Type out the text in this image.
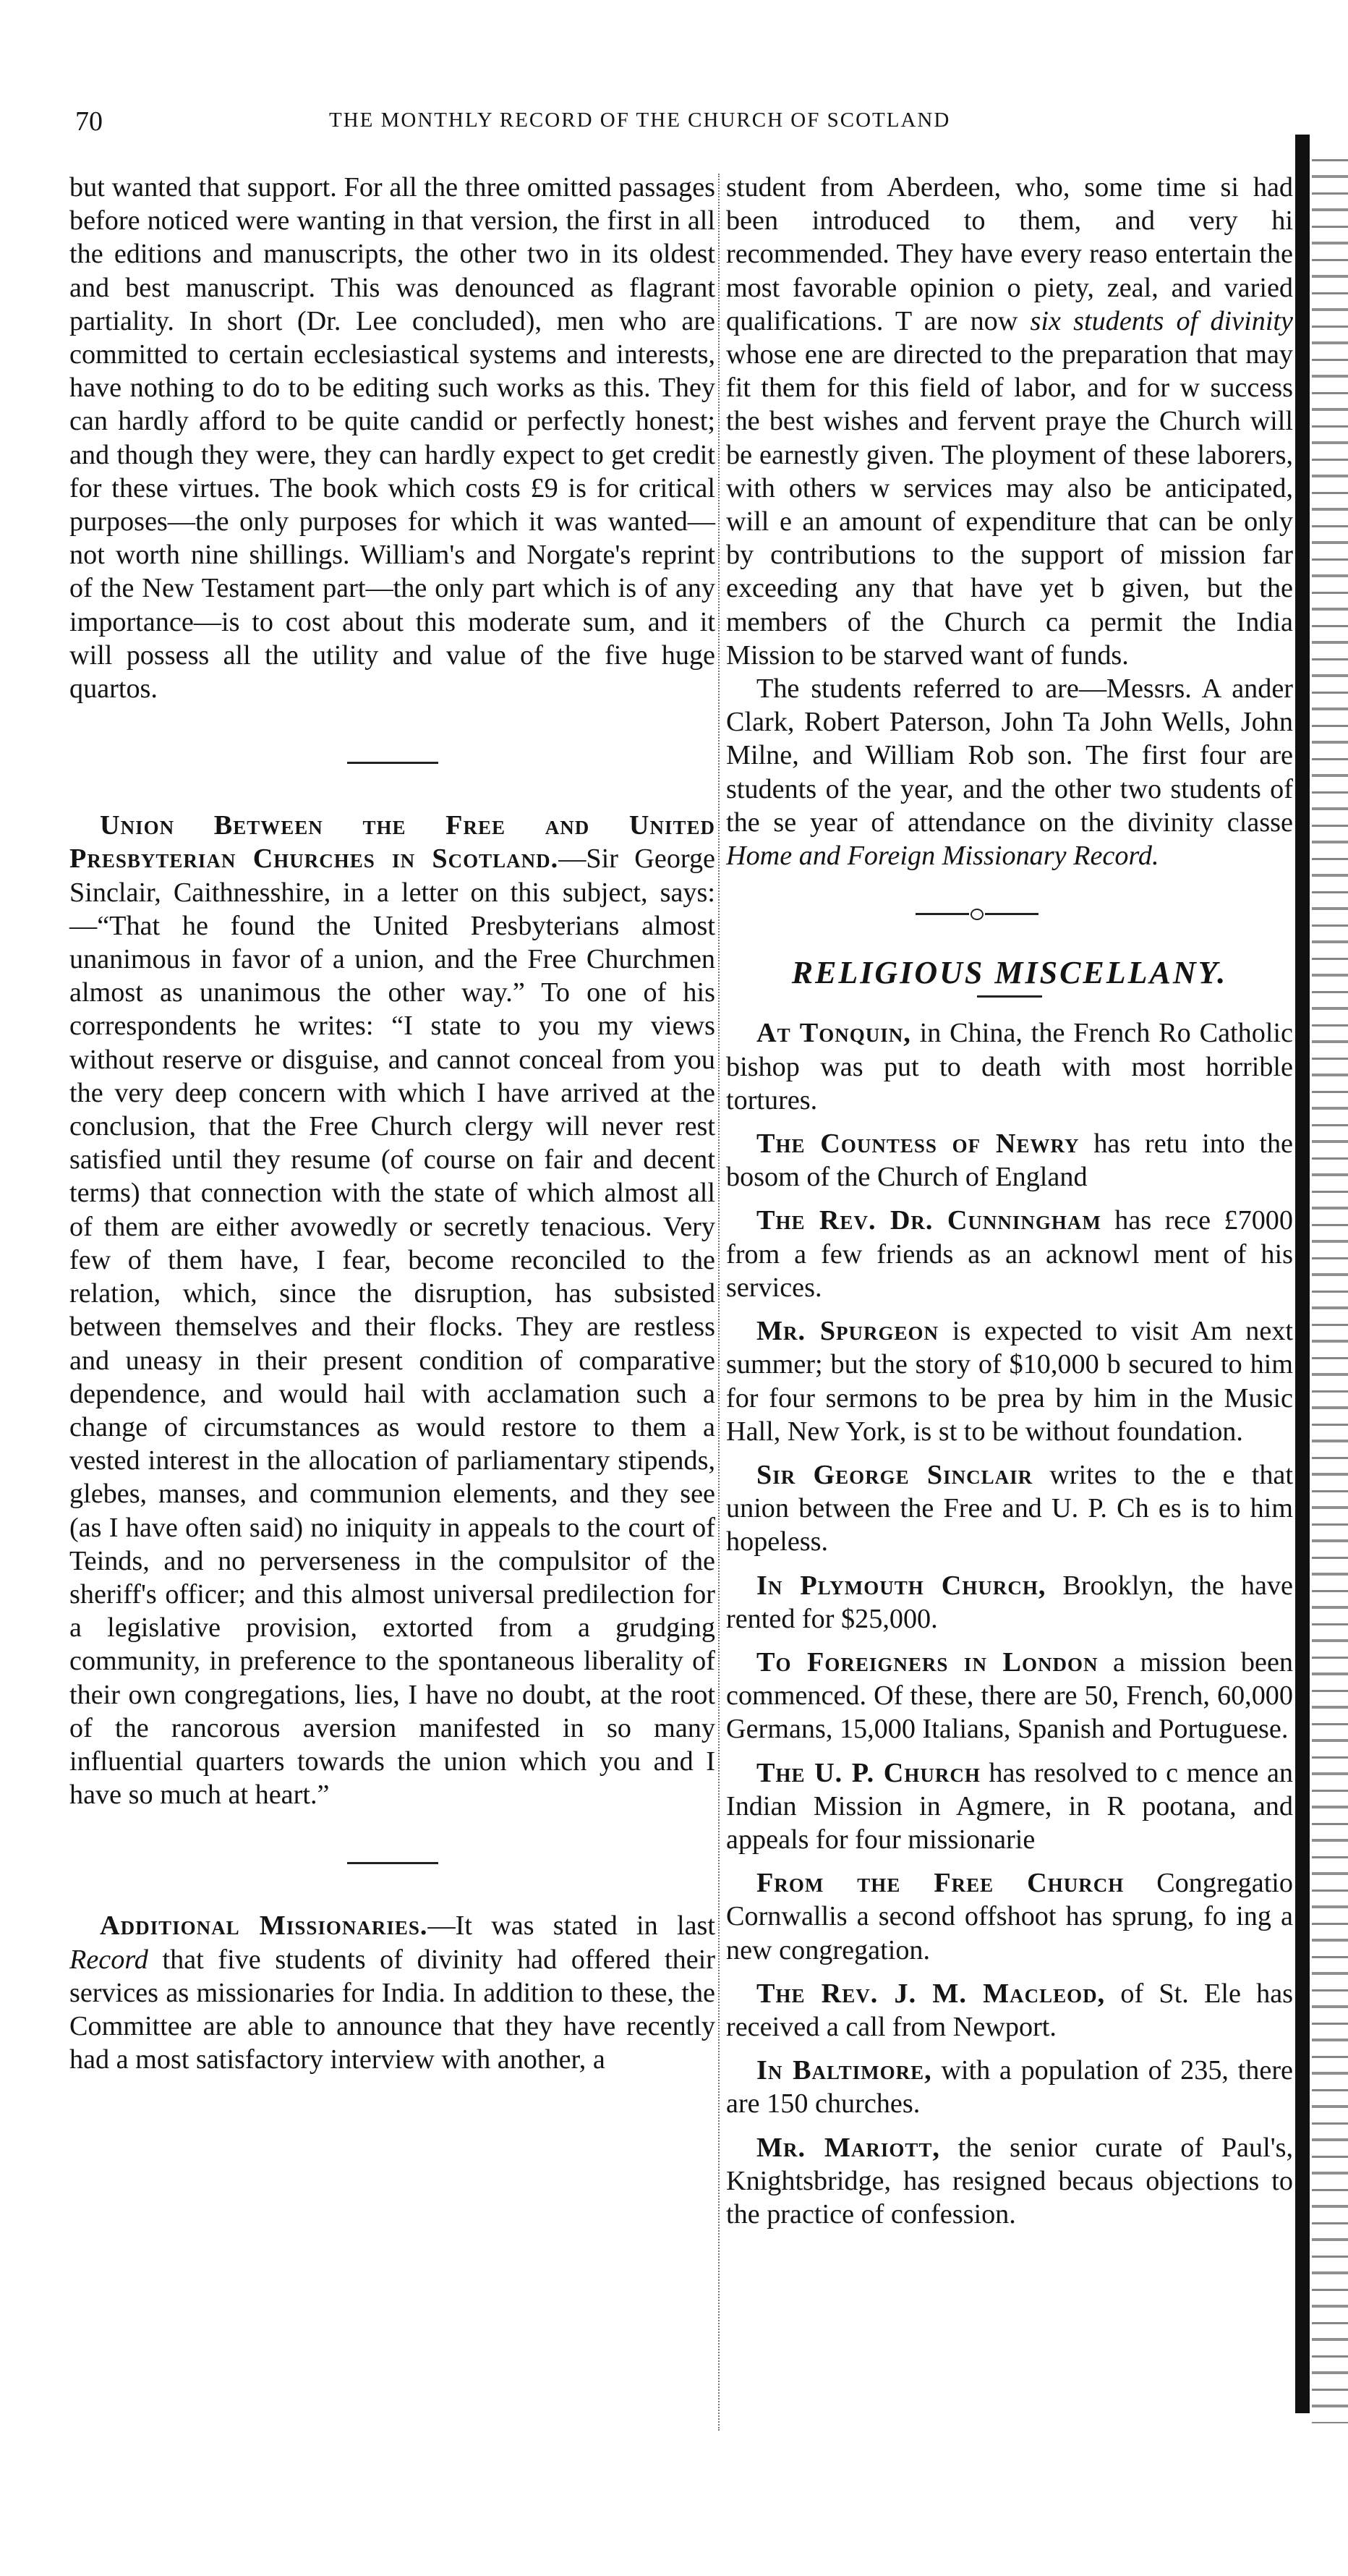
70	THE MONTHLY RECORD OF THE CHURCH OF SCOTLAND

but wanted that support. For all the three omitted passages before noticed were wanting in that version, the first in all the editions and manuscripts, the other two in its oldest and best manuscript. This was denounced as flagrant partiality. In short (Dr. Lee concluded), men who are committed to certain ecclesiastical systems and interests, have nothing to do to be editing such works as this. They can hardly afford to be quite candid or perfectly honest; and though they were, they can hardly expect to get credit for these virtues. The book which costs £9 is for critical purposes—the only purposes for which it was wanted—not worth nine shillings. William's and Norgate's reprint of the New Testament part—the only part which is of any importance—is to cost about this moderate sum, and it will possess all the utility and value of the five huge quartos.

Union Between the Free and United Presbyterian Churches in Scotland.—Sir George Sinclair, Caithnesshire, in a letter on this subject, says:—“That he found the United Presbyterians almost unanimous in favor of a union, and the Free Churchmen almost as unanimous the other way.” To one of his correspondents he writes: “I state to you my views without reserve or disguise, and cannot conceal from you the very deep concern with which I have arrived at the conclusion, that the Free Church clergy will never rest satisfied until they resume (of course on fair and decent terms) that connection with the state of which almost all of them are either avowedly or secretly tenacious. Very few of them have, I fear, become reconciled to the relation, which, since the disruption, has subsisted between themselves and their flocks. They are restless and uneasy in their present condition of comparative dependence, and would hail with acclamation such a change of circumstances as would restore to them a vested interest in the allocation of parliamentary stipends, glebes, manses, and communion elements, and they see (as I have often said) no iniquity in appeals to the court of Teinds, and no perverseness in the compulsitor of the sheriff's officer; and this almost universal predilection for a legislative provision, extorted from a grudging community, in preference to the spontaneous liberality of their own congregations, lies, I have no doubt, at the root of the rancorous aversion manifested in so many influential quarters towards the union which you and I have so much at heart.”

Additional Missionaries.—It was stated in last Record that five students of divinity had offered their services as missionaries for India. In addition to these, the Committee are able to announce that they have recently had a most satisfactory interview with another, a

student from Aberdeen, who, some time si had been introduced to them, and very hi recommended. They have every reaso entertain the most favorable opinion o piety, zeal, and varied qualifications. T are now six students of divinity whose ene are directed to the preparation that may fit them for this field of labor, and for w success the best wishes and fervent praye the Church will be earnestly given. The ployment of these laborers, with others w services may also be anticipated, will e an amount of expenditure that can be only by contributions to the support of mission far exceeding any that have yet b given, but the members of the Church ca permit the India Mission to be starved want of funds.

The students referred to are—Messrs. A ander Clark, Robert Paterson, John Ta John Wells, John Milne, and William Rob son. The first four are students of the year, and the other two students of the se year of attendance on the divinity classe Home and Foreign Missionary Record.

RELIGIOUS MISCELLANY.

At Tonquin, in China, the French Ro Catholic bishop was put to death with most horrible tortures.

The Countess of Newry has retu into the bosom of the Church of England

The Rev. Dr. Cunningham has rece £7000 from a few friends as an acknowl ment of his services.

Mr. Spurgeon is expected to visit Am next summer; but the story of $10,000 b secured to him for four sermons to be prea by him in the Music Hall, New York, is st to be without foundation.

Sir George Sinclair writes to the e that union between the Free and U. P. Ch es is to him hopeless.

In Plymouth Church, Brooklyn, the have rented for $25,000.

To Foreigners in London a mission been commenced. Of these, there are 50, French, 60,000 Germans, 15,000 Italians, Spanish and Portuguese.

The U. P. Church has resolved to c mence an Indian Mission in Agmere, in R pootana, and appeals for four missionarie

From the Free Church Congregatio Cornwallis a second offshoot has sprung, fo ing a new congregation.

The Rev. J. M. Macleod, of St. Ele has received a call from Newport.

In Baltimore, with a population of 235, there are 150 churches.

Mr. Mariott, the senior curate of Paul's, Knightsbridge, has resigned becaus objections to the practice of confession.
